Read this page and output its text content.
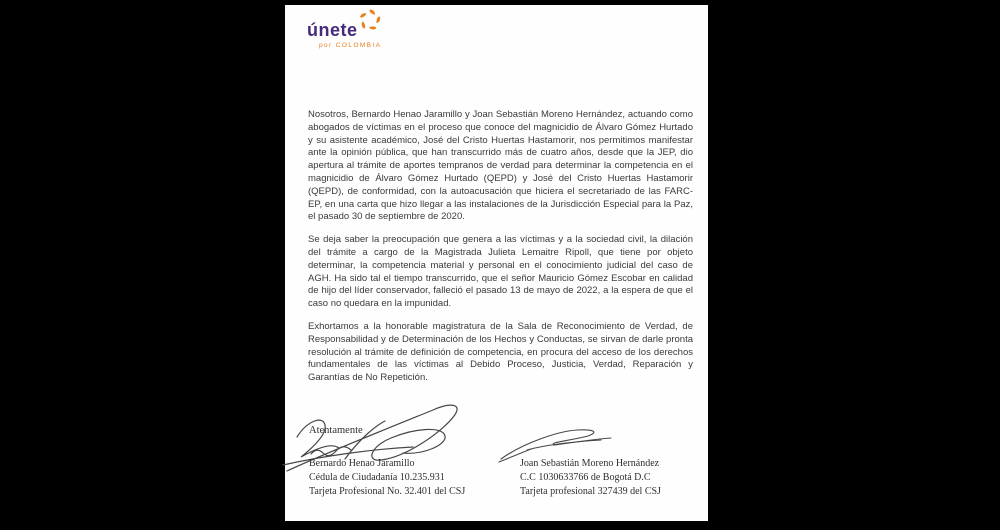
únete
por COLOMBIA

Nosotros, Bernardo Henao Jaramillo y Joan Sebastián Moreno Hernández, actuando como abogados de víctimas en el proceso que conoce del magnicidio de Álvaro Gómez Hurtado y su asistente académico, José del Cristo Huertas Hastamorir, nos permitimos manifestar ante la opinión pública, que han transcurrido más de cuatro años, desde que la JEP, dio apertura al trámite de aportes tempranos de verdad para determinar la competencia en el magnicidio de Álvaro Gómez Hurtado (QEPD) y José del Cristo Huertas Hastamorir (QEPD), de conformidad, con la autoacusación que hiciera el secretariado de las FARC-EP, en una carta que hizo llegar a las instalaciones de la Jurisdicción Especial para la Paz, el pasado 30 de septiembre de 2020.

Se deja saber la preocupación que genera a las víctimas y a la sociedad civil, la dilación del trámite a cargo de la Magistrada Julieta Lemaitre Ripoll, que tiene por objeto determinar, la competencia material y personal en el conocimiento judicial del caso de AGH. Ha sido tal el tiempo transcurrido, que el señor Mauricio Gómez Escobar en calidad de hijo del líder conservador, falleció el pasado 13 de mayo de 2022, a la espera de que el caso no quedara en la impunidad.

Exhortamos a la honorable magistratura de la Sala de Reconocimiento de Verdad, de Responsabilidad y de Determinación de los Hechos y Conductas, se sirvan de darle pronta resolución al trámite de definición de competencia, en procura del acceso de los derechos fundamentales de las víctimas al Debido Proceso, Justicia, Verdad, Reparación y Garantías de No Repetición.

Atentamente
Bernardo Henao Jaramillo
Cédula de Ciudadanía 10.235.931
Tarjeta Profesional No. 32.401 del CSJ
Joan Sebastián Moreno Hernández
C.C 1030633766 de Bogotá D.C
Tarjeta profesional 327439 del CSJ
